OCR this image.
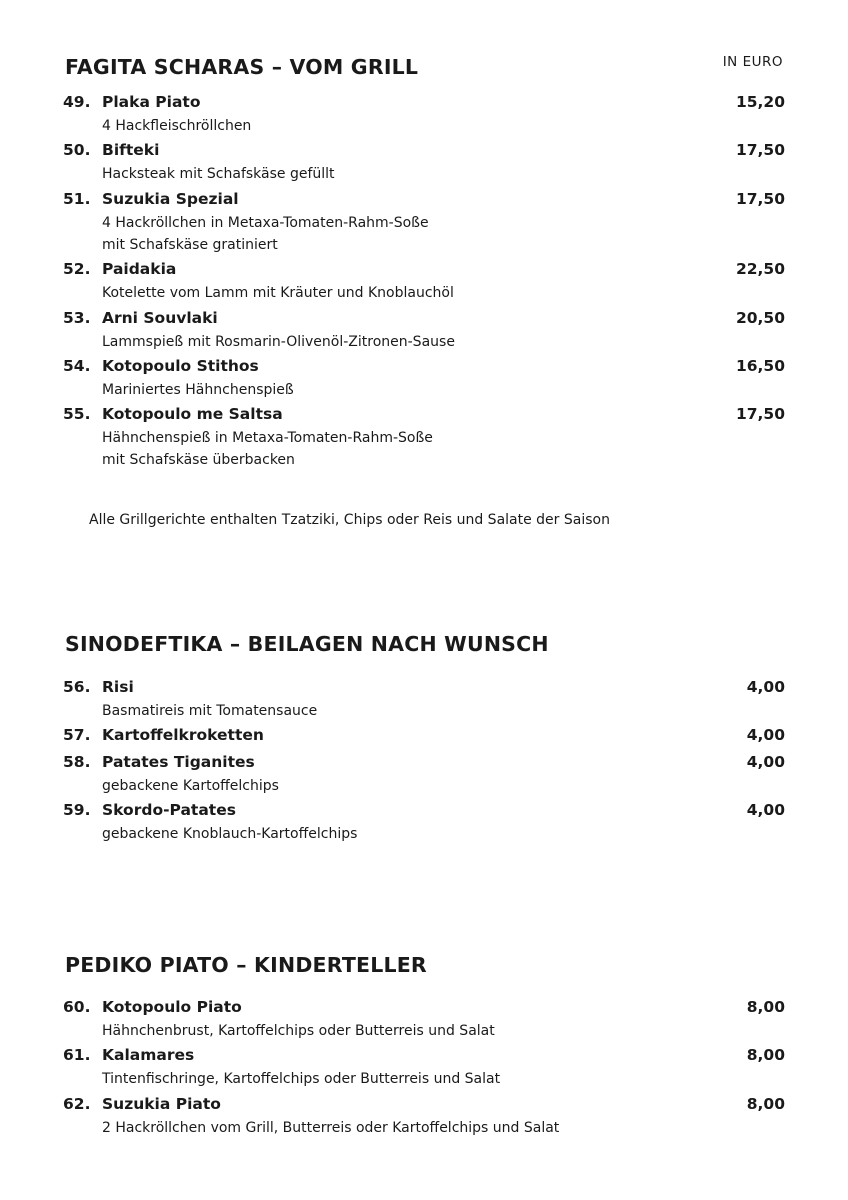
FAGITA SCHARAS – VOM GRILL	IN EURO
49. Plaka Piato	15,20
4 Hackfleischröllchen
50. Bifteki	17,50
Hacksteak mit Schafskäse gefüllt
51. Suzukia Spezial	17,50
4 Hackröllchen in Metaxa-Tomaten-Rahm-Soße
mit Schafskäse gratiniert
52. Paidakia	22,50
Kotelette vom Lamm mit Kräuter und Knoblauchöl
53. Arni Souvlaki	20,50
Lammspieß mit Rosmarin-Olivenöl-Zitronen-Sause
54. Kotopoulo Stithos	16,50
Mariniertes Hähnchenspieß
55. Kotopoulo me Saltsa	17,50
Hähnchenspieß in Metaxa-Tomaten-Rahm-Soße
mit Schafskäse überbacken
Alle Grillgerichte enthalten Tzatziki, Chips oder Reis und Salate der Saison
SINODEFTIKA – BEILAGEN NACH WUNSCH
56. Risi	4,00
Basmatireis mit Tomatensauce
57. Kartoffelkroketten	4,00
58. Patates Tiganites	4,00
gebackene Kartoffelchips
59. Skordo-Patates	4,00
gebackene Knoblauch-Kartoffelchips
PEDIKO PIATO – KINDERTELLER
60. Kotopoulo Piato	8,00
Hähnchenbrust, Kartoffelchips oder Butterreis und Salat
61. Kalamares	8,00
Tintenfischringe, Kartoffelchips oder Butterreis und Salat
62. Suzukia Piato	8,00
2 Hackröllchen vom Grill, Butterreis oder Kartoffelchips und Salat
